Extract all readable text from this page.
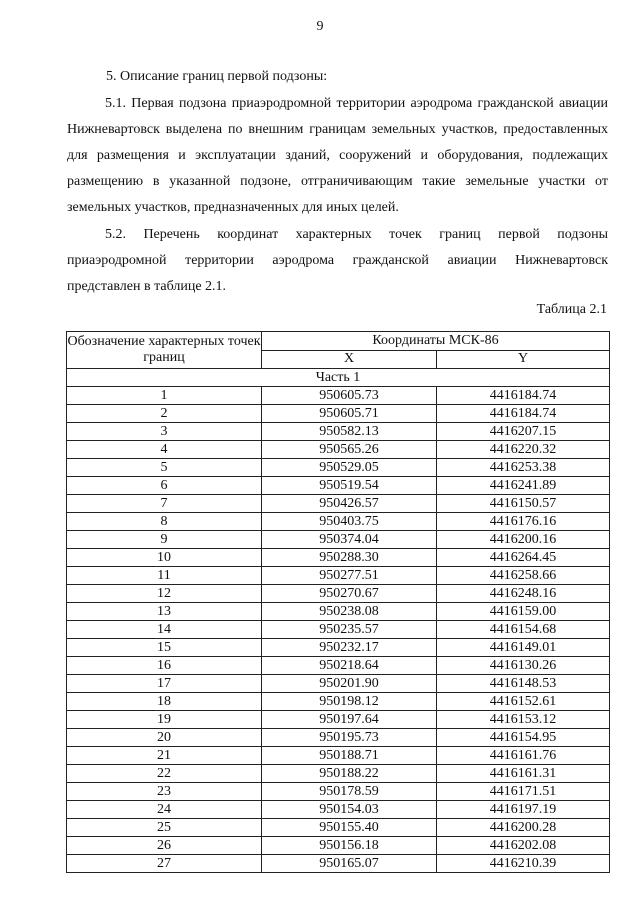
9
5. Описание границ первой подзоны:

5.1. Первая подзона приаэродромной территории аэродрома гражданской авиации Нижневартовск выделена по внешним границам земельных участков, предоставленных для размещения и эксплуатации зданий, сооружений и оборудования, подлежащих размещению в указанной подзоне, отграничивающим такие земельные участки от земельных участков, предназначенных для иных целей.

5.2. Перечень координат характерных точек границ первой подзоны приаэродромной территории аэродрома гражданской авиации Нижневартовск представлен в таблице 2.1.

Таблица 2.1
Обозначение характерных точек границ	Координаты МСК-86	
	X	Y
Часть 1		
1	950605.73	4416184.74
2	950605.71	4416184.74
3	950582.13	4416207.15
4	950565.26	4416220.32
5	950529.05	4416253.38
6	950519.54	4416241.89
7	950426.57	4416150.57
8	950403.75	4416176.16
9	950374.04	4416200.16
10	950288.30	4416264.45
11	950277.51	4416258.66
12	950270.67	4416248.16
13	950238.08	4416159.00
14	950235.57	4416154.68
15	950232.17	4416149.01
16	950218.64	4416130.26
17	950201.90	4416148.53
18	950198.12	4416152.61
19	950197.64	4416153.12
20	950195.73	4416154.95
21	950188.71	4416161.76
22	950188.22	4416161.31
23	950178.59	4416171.51
24	950154.03	4416197.19
25	950155.40	4416200.28
26	950156.18	4416202.08
27	950165.07	4416210.39
